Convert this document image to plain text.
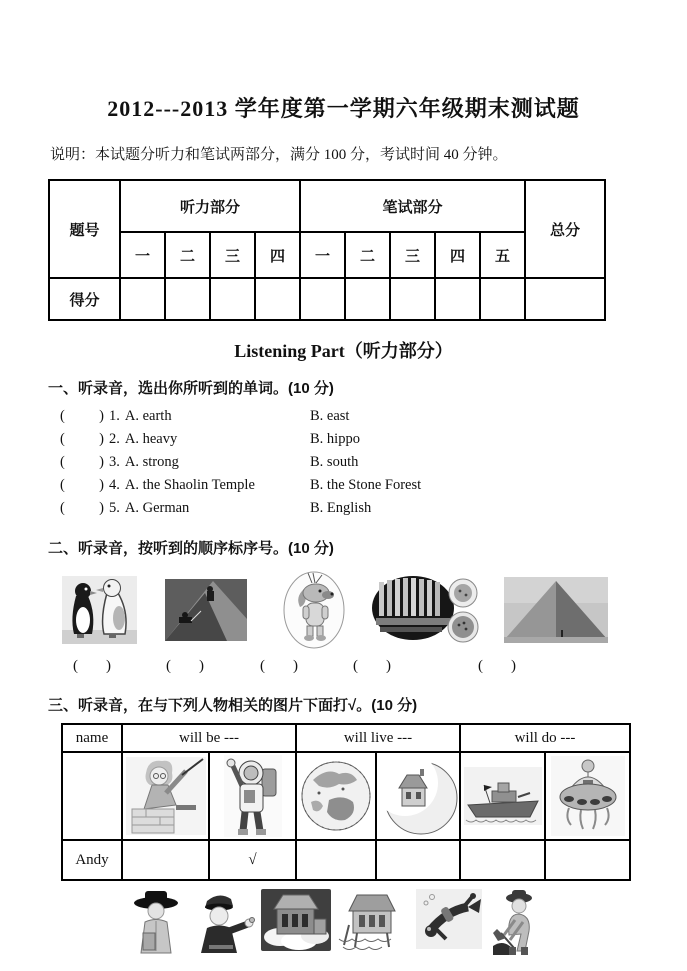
2012---2013 学年度第一学期六年级期末测试题
说明：本试题分听力和笔试两部分，满分 100 分，考试时间 40 分钟。
题号	听力部分				笔试部分					总分
	一	二	三	四	一	二	三	四	五	
得分										
Listening Part（听力部分）
一、听录音，选出你所听到的单词。(10 分)
( ) 1. A. earth	B. east
( ) 2. A. heavy	B. hippo
( ) 3. A. strong	B. south
( ) 4. A. the Shaolin Temple	B. the Stone Forest
( ) 5. A. German	B. English
二、听录音，按听到的顺序标序号。(10 分)
( )	( )	( )	( )	( )
三、听录音，在与下列人物相关的图片下面打√。(10 分)
name	will be ---		will live ---		will do ---	

Andy		√				
